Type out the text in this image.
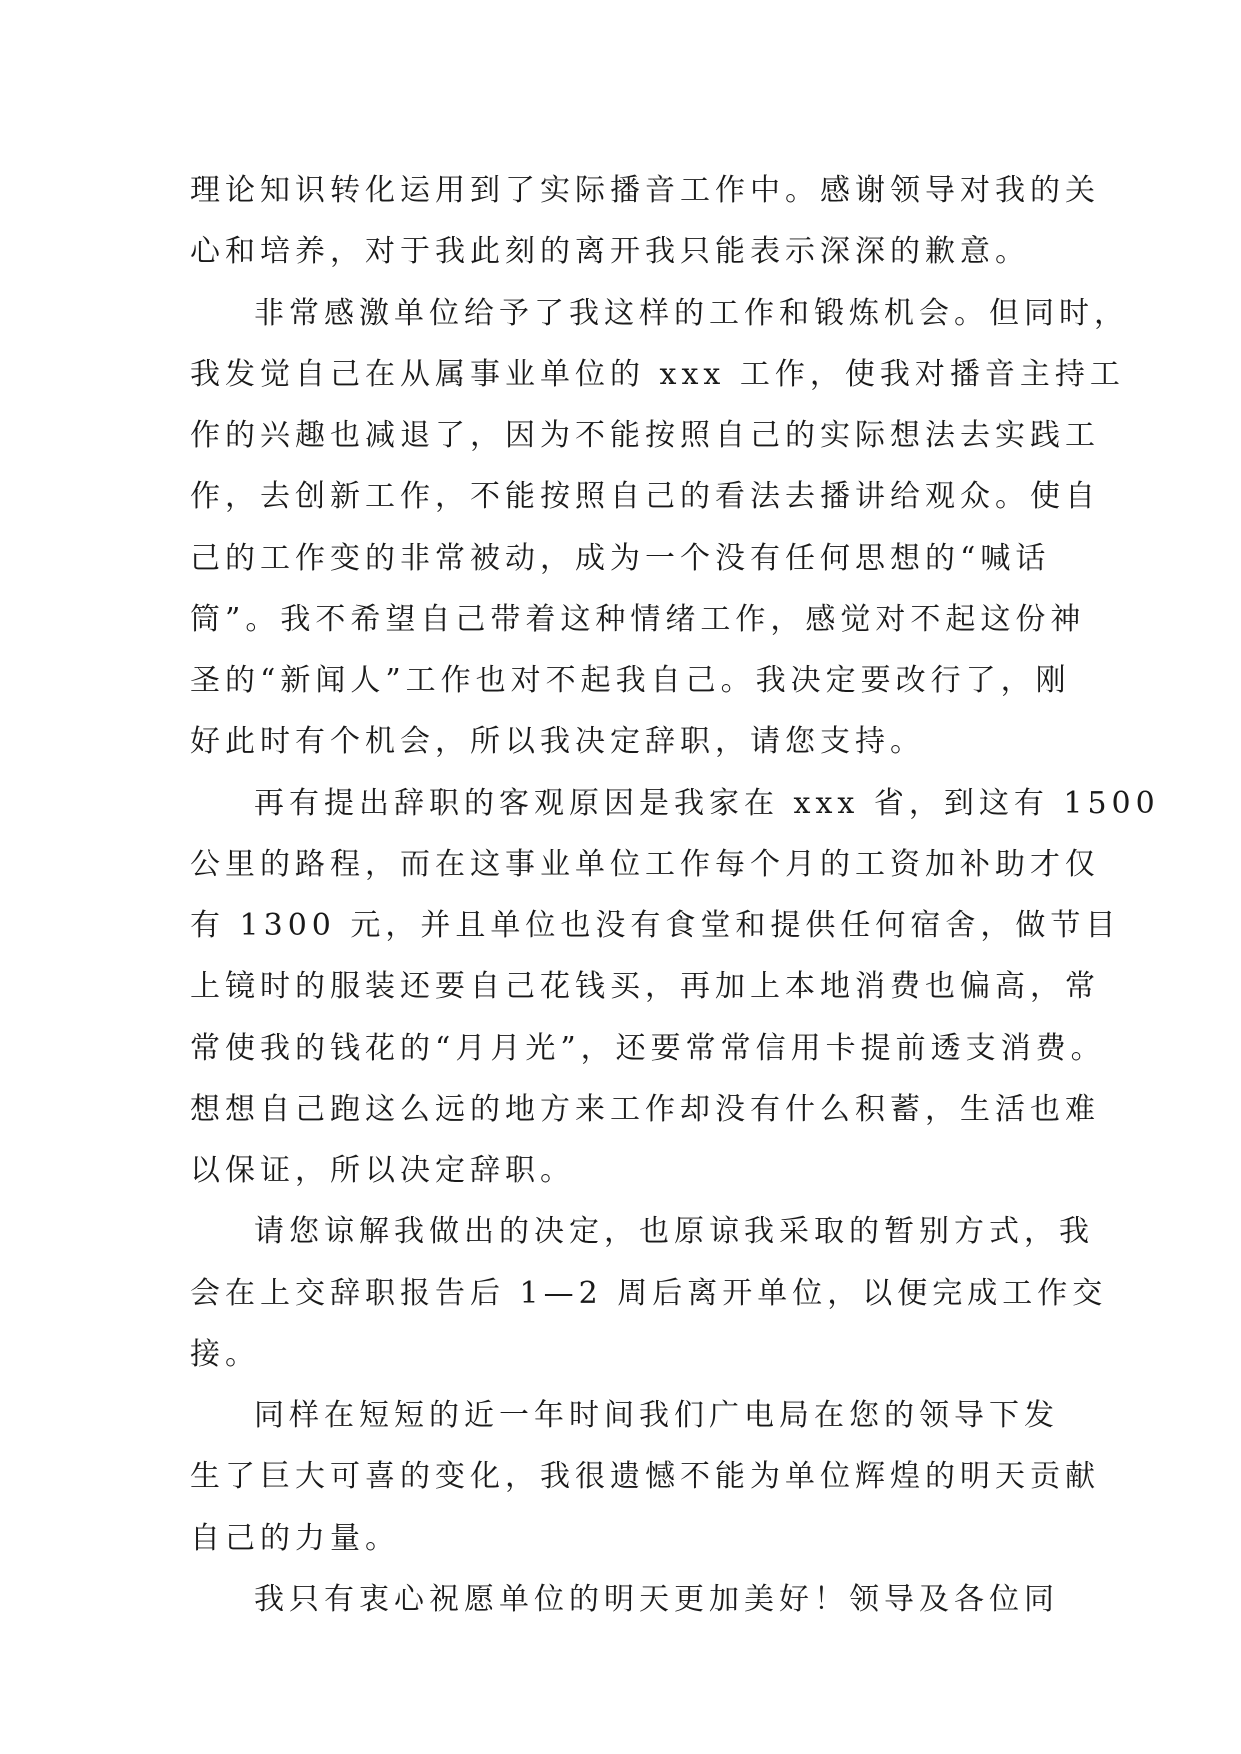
理论知识转化运用到了实际播音工作中。感谢领导对我的关
心和培养，对于我此刻的离开我只能表示深深的歉意。
非常感激单位给予了我这样的工作和锻炼机会。但同时，
我发觉自己在从属事业单位的 xxx 工作，使我对播音主持工
作的兴趣也减退了，因为不能按照自己的实际想法去实践工
作，去创新工作，不能按照自己的看法去播讲给观众。使自
己的工作变的非常被动，成为一个没有任何思想的“喊话
筒”。我不希望自己带着这种情绪工作，感觉对不起这份神
圣的“新闻人”工作也对不起我自己。我决定要改行了，刚
好此时有个机会，所以我决定辞职，请您支持。
再有提出辞职的客观原因是我家在 xxx 省，到这有 1500
公里的路程，而在这事业单位工作每个月的工资加补助才仅
有 1300 元，并且单位也没有食堂和提供任何宿舍，做节目
上镜时的服装还要自己花钱买，再加上本地消费也偏高，常
常使我的钱花的“月月光”，还要常常信用卡提前透支消费。
想想自己跑这么远的地方来工作却没有什么积蓄，生活也难
以保证，所以决定辞职。
请您谅解我做出的决定，也原谅我采取的暂别方式，我
会在上交辞职报告后 1—2 周后离开单位，以便完成工作交
接。
同样在短短的近一年时间我们广电局在您的领导下发
生了巨大可喜的变化，我很遗憾不能为单位辉煌的明天贡献
自己的力量。
我只有衷心祝愿单位的明天更加美好！领导及各位同
